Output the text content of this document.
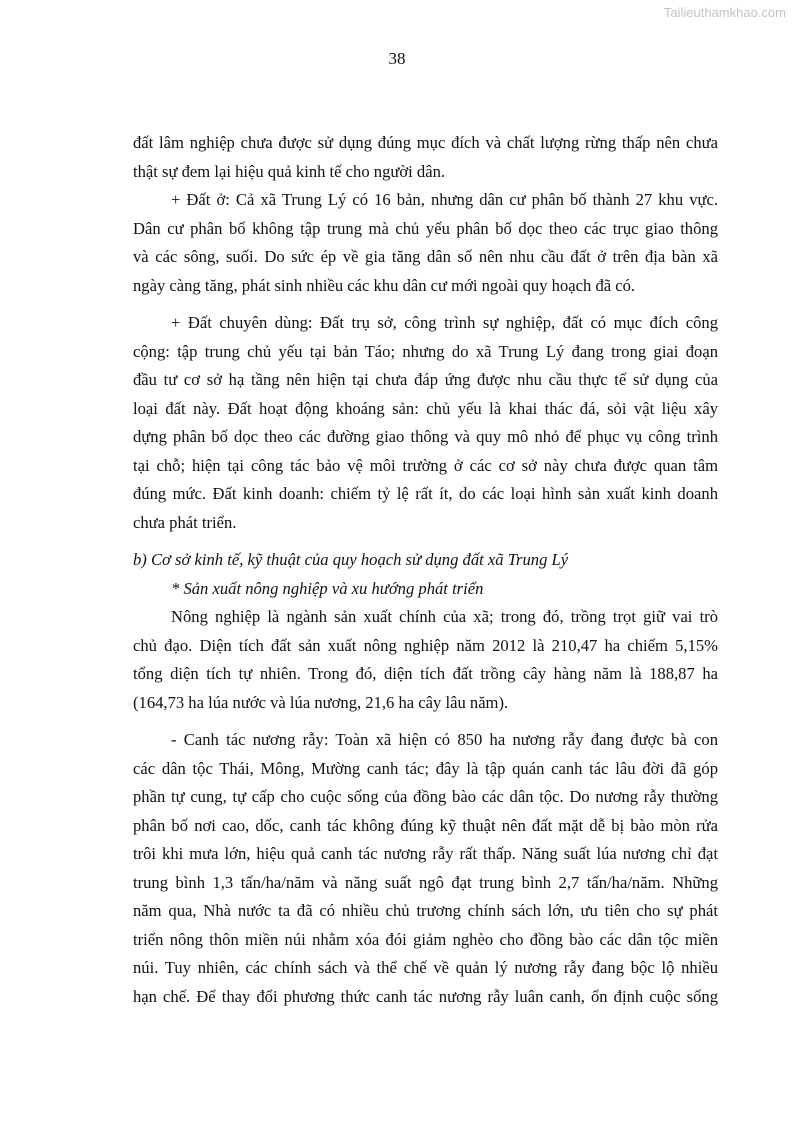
Tailieuthamkhao.com
38
đất lâm nghiệp chưa được sử dụng đúng mục đích và chất lượng rừng thấp nên chưa
thật sự đem lại hiệu quả kinh tế cho người dân.
+ Đất ở: Cả xã Trung Lý có 16 bản, nhưng dân cư phân bố thành 27 khu vực.
Dân cư phân bố không tập trung mà chủ yếu phân bố dọc theo các trục giao thông
và các sông, suối. Do sức ép về gia tăng dân số nên nhu cầu đất ở trên địa bàn xã
ngày càng tăng, phát sinh nhiều các khu dân cư mới ngoài quy hoạch đã có.
+ Đất chuyên dùng: Đất trụ sở, công trình sự nghiệp, đất có mục đích công
cộng: tập trung chủ yếu tại bản Táo; nhưng do xã Trung Lý đang trong giai đoạn
đầu tư cơ sở hạ tầng nên hiện tại chưa đáp ứng được nhu cầu thực tế sử dụng của
loại đất này. Đất hoạt động khoáng sản: chủ yếu là khai thác đá, sỏi vật liệu xây
dựng phân bố dọc theo các đường giao thông và quy mô nhỏ để phục vụ công trình
tại chỗ; hiện tại công tác bảo vệ môi trường ở các cơ sở này chưa được quan tâm
đúng mức. Đất kinh doanh: chiếm tỷ lệ rất ít, do các loại hình sản xuất kinh doanh
chưa phát triển.
b) Cơ sở kinh tế, kỹ thuật của quy hoạch sử dụng đất xã Trung Lý
* Sản xuất nông nghiệp và xu hướng phát triển
Nông nghiệp là ngành sản xuất chính của xã; trong đó, trồng trọt giữ vai trò
chủ đạo. Diện tích đất sản xuất nông nghiệp năm 2012 là 210,47 ha chiếm 5,15%
tổng diện tích tự nhiên. Trong đó, diện tích đất trồng cây hàng năm là 188,87 ha
(164,73 ha lúa nước và lúa nương, 21,6 ha cây lâu năm).
- Canh tác nương rẫy: Toàn xã hiện có 850 ha nương rẫy đang được bà con
các dân tộc Thái, Mông, Mường canh tác; đây là tập quán canh tác lâu đời đã góp
phần tự cung, tự cấp cho cuộc sống của đồng bào các dân tộc. Do nương rẫy thường
phân bố nơi cao, dốc, canh tác không đúng kỹ thuật nên đất mặt dễ bị bào mòn rửa
trôi khi mưa lớn, hiệu quả canh tác nương rẫy rất thấp. Năng suất lúa nương chỉ đạt
trung bình 1,3 tấn/ha/năm và năng suất ngô đạt trung bình 2,7 tấn/ha/năm. Những
năm qua, Nhà nước ta đã có nhiều chủ trương chính sách lớn, ưu tiên cho sự phát
triển nông thôn miền núi nhằm xóa đói giảm nghèo cho đồng bào các dân tộc miền
núi. Tuy nhiên, các chính sách và thể chế về quản lý nương rẫy đang bộc lộ nhiều
hạn chế. Để thay đổi phương thức canh tác nương rẫy luân canh, ổn định cuộc sống
